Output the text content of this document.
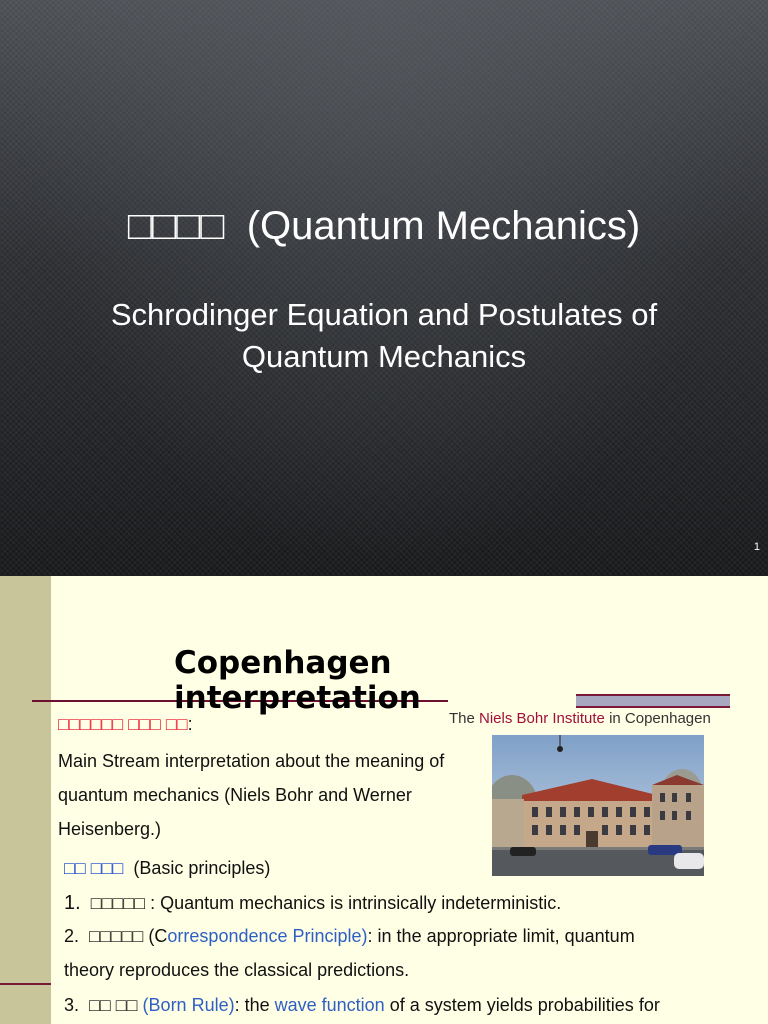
□□□□ (Quantum Mechanics)
Schrodinger Equation and Postulates of Quantum Mechanics
1
Copenhagen interpretation
□□□□□□ □□□ □□:	The Niels Bohr Institute in Copenhagen
Main Stream interpretation about the meaning of quantum mechanics (Niels Bohr and Werner Heisenberg.)
□□ □□□ (Basic principles)
1. □□□□□ : Quantum mechanics is intrinsically indeterministic.
2. □□□□□ (Correspondence Principle): in the appropriate limit, quantum
theory reproduces the classical predictions.
3. □□ □□ (Born Rule): the wave function of a system yields probabilities for
